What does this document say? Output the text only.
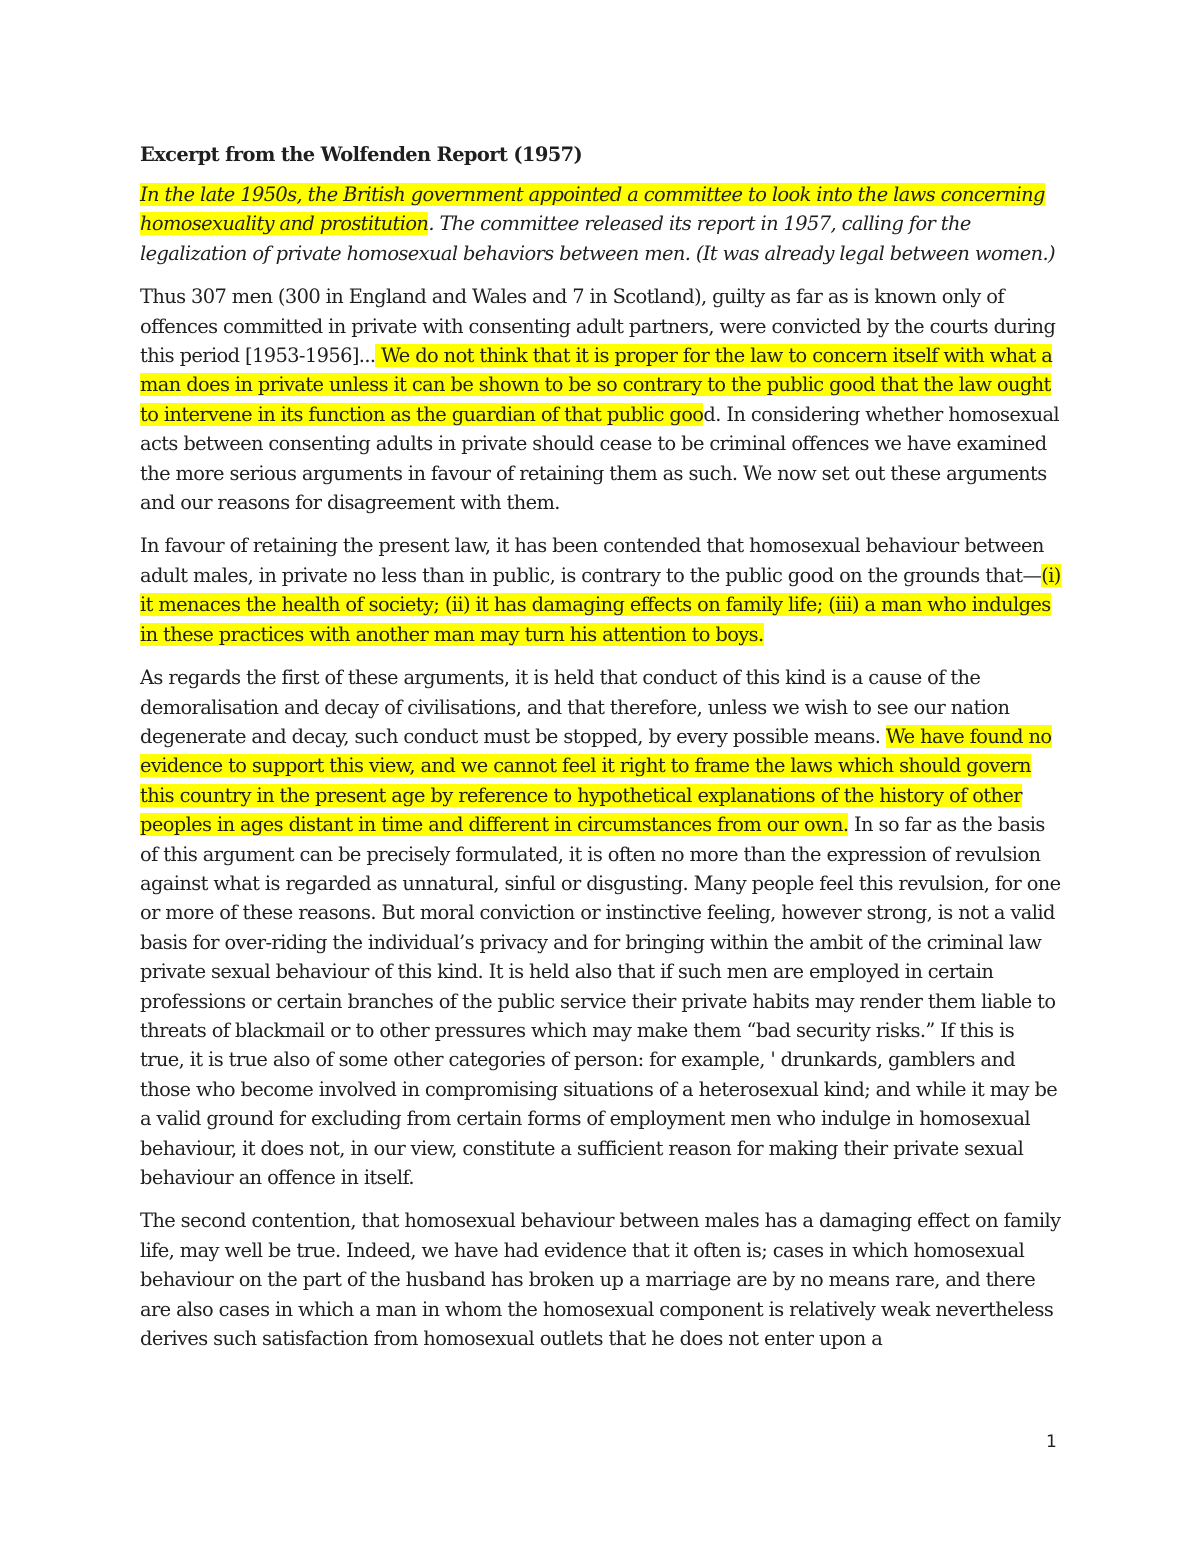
Excerpt from the Wolfenden Report (1957)

In the late 1950s, the British government appointed a committee to look into the laws concerning homosexuality and prostitution. The committee released its report in 1957, calling for the legalization of private homosexual behaviors between men. (It was already legal between women.)

Thus 307 men (300 in England and Wales and 7 in Scotland), guilty as far as is known only of offences committed in private with consenting adult partners, were convicted by the courts during this period [1953-1956]... We do not think that it is proper for the law to concern itself with what a man does in private unless it can be shown to be so contrary to the public good that the law ought to intervene in its function as the guardian of that public good. In considering whether homosexual acts between consenting adults in private should cease to be criminal offences we have examined the more serious arguments in favour of retaining them as such. We now set out these arguments and our reasons for disagreement with them.

In favour of retaining the present law, it has been contended that homosexual behaviour between adult males, in private no less than in public, is contrary to the public good on the grounds that—(i) it menaces the health of society; (ii) it has damaging effects on family life; (iii) a man who indulges in these practices with another man may turn his attention to boys.

As regards the first of these arguments, it is held that conduct of this kind is a cause of the demoralisation and decay of civilisations, and that therefore, unless we wish to see our nation degenerate and decay, such conduct must be stopped, by every possible means. We have found no evidence to support this view, and we cannot feel it right to frame the laws which should govern this country in the present age by reference to hypothetical explanations of the history of other peoples in ages distant in time and different in circumstances from our own. In so far as the basis of this argument can be precisely formulated, it is often no more than the expression of revulsion against what is regarded as unnatural, sinful or disgusting. Many people feel this revulsion, for one or more of these reasons. But moral conviction or instinctive feeling, however strong, is not a valid basis for over-riding the individual’s privacy and for bringing within the ambit of the criminal law private sexual behaviour of this kind. It is held also that if such men are employed in certain professions or certain branches of the public service their private habits may render them liable to threats of blackmail or to other pressures which may make them “bad security risks.” If this is true, it is true also of some other categories of person: for example, ' drunkards, gamblers and those who become involved in compromising situations of a heterosexual kind; and while it may be a valid ground for excluding from certain forms of employment men who indulge in homosexual behaviour, it does not, in our view, constitute a sufficient reason for making their private sexual behaviour an offence in itself.

The second contention, that homosexual behaviour between males has a damaging effect on family life, may well be true. Indeed, we have had evidence that it often is; cases in which homosexual behaviour on the part of the husband has broken up a marriage are by no means rare, and there are also cases in which a man in whom the homosexual component is relatively weak nevertheless derives such satisfaction from homosexual outlets that he does not enter upon a

1
